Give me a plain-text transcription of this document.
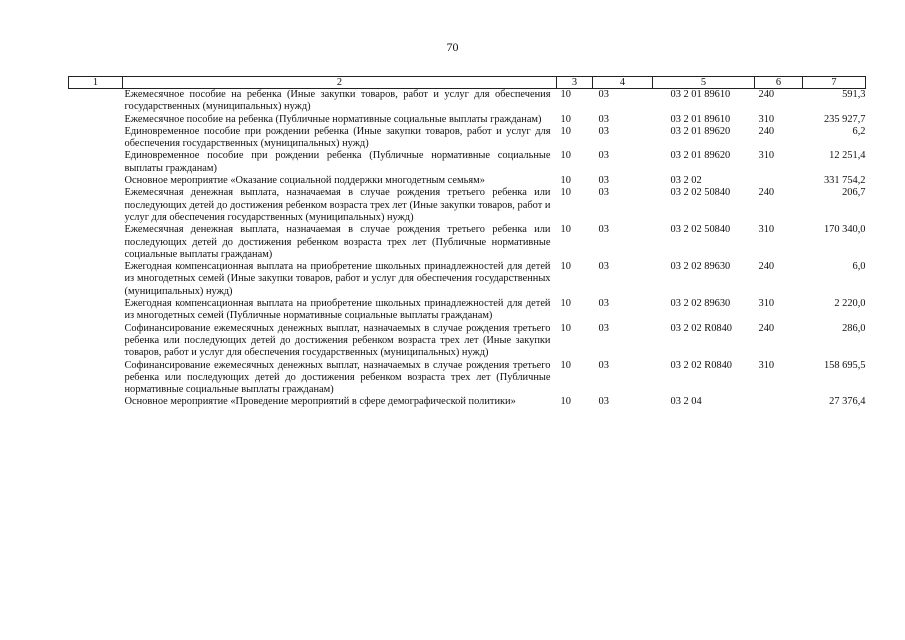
70
1	2	3	4	5	6	7
	Ежемесячное пособие на ребенка (Иные закупки товаров, работ и услуг для обеспечения государственных (муниципальных) нужд)	10	03	03 2 01 89610	240	591,3
	Ежемесячное пособие на ребенка (Публичные нормативные социальные выплаты гражданам)	10	03	03 2 01 89610	310	235 927,7
	Единовременное пособие при рождении ребенка (Иные закупки товаров, работ и услуг для обеспечения государственных (муниципальных) нужд)	10	03	03 2 01 89620	240	6,2
	Единовременное пособие при рождении ребенка (Публичные нормативные социальные выплаты гражданам)	10	03	03 2 01 89620	310	12 251,4
	Основное мероприятие «Оказание социальной поддержки многодетным семьям»	10	03	03 2 02		331 754,2
	Ежемесячная денежная выплата, назначаемая в случае рождения третьего ребенка или последующих детей до достижения ребенком возраста трех лет (Иные закупки товаров, работ и услуг для обеспечения государственных (муниципальных) нужд)	10	03	03 2 02 50840	240	206,7
	Ежемесячная денежная выплата, назначаемая в случае рождения третьего ребенка или последующих детей до достижения ребенком возраста трех лет (Публичные нормативные социальные выплаты гражданам)	10	03	03 2 02 50840	310	170 340,0
	Ежегодная компенсационная выплата на приобретение школьных принадлежностей для детей из многодетных семей (Иные закупки товаров, работ и услуг для обеспечения государственных (муниципальных) нужд)	10	03	03 2 02 89630	240	6,0
	Ежегодная компенсационная выплата на приобретение школьных принадлежностей для детей из многодетных семей (Публичные нормативные социальные выплаты гражданам)	10	03	03 2 02 89630	310	2 220,0
	Софинансирование ежемесячных денежных выплат, назначаемых в случае рождения третьего ребенка или последующих детей до достижения ребенком возраста трех лет (Иные закупки товаров, работ и услуг для обеспечения государственных (муниципальных) нужд)	10	03	03 2 02 R0840	240	286,0
	Софинансирование ежемесячных денежных выплат, назначаемых в случае рождения третьего ребенка или последующих детей до достижения ребенком возраста трех лет (Публичные нормативные социальные выплаты гражданам)	10	03	03 2 02 R0840	310	158 695,5
	Основное мероприятие «Проведение мероприятий в сфере демографической политики»	10	03	03 2 04		27 376,4
